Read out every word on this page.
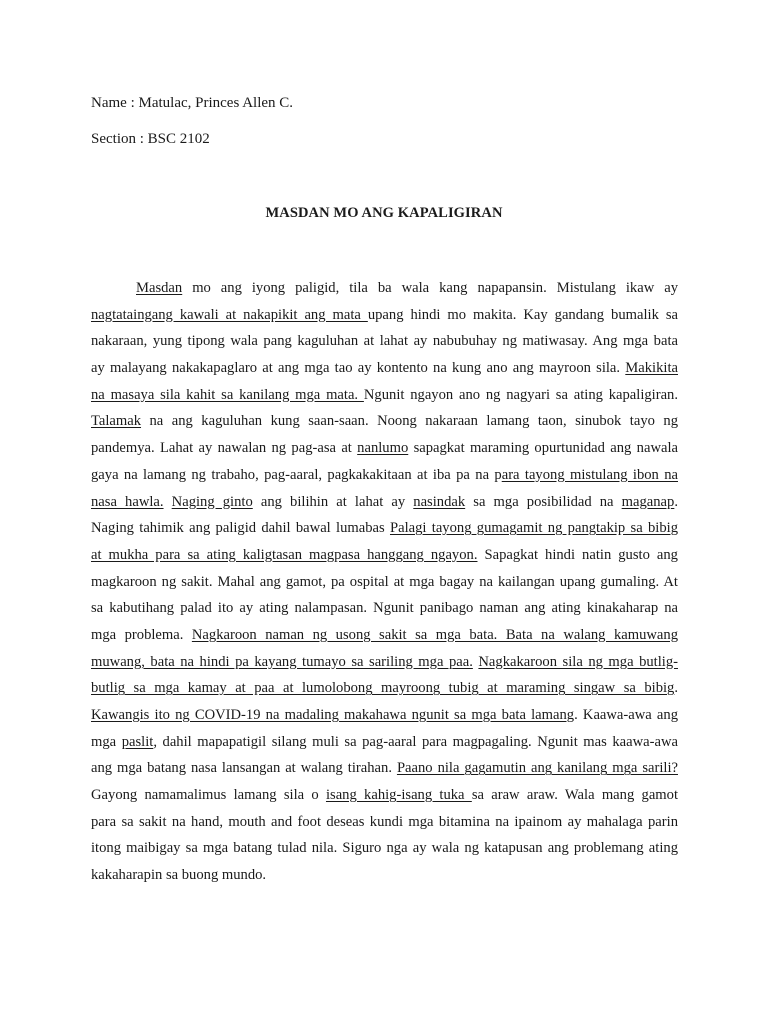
Name : Matulac, Princes Allen C.
Section : BSC 2102
MASDAN MO ANG KAPALIGIRAN
Masdan mo ang iyong paligid, tila ba wala kang napapansin. Mistulang ikaw ay
nagtataingang kawali at nakapikit ang mata upang hindi mo makita. Kay gandang bumalik sa
nakaraan, yung tipong wala pang kaguluhan at lahat ay nabubuhay ng matiwasay. Ang mga bata
ay malayang nakakapaglaro at ang mga tao ay kontento na kung ano ang mayroon sila. Makikita
na masaya sila kahit sa kanilang mga mata. Ngunit ngayon ano ng nagyari sa ating kapaligiran.
Talamak na ang kaguluhan kung saan-saan. Noong nakaraan lamang taon, sinubok tayo ng
pandemya. Lahat ay nawalan ng pag-asa at nanlumo sapagkat maraming opurtunidad ang nawala
gaya na lamang ng trabaho, pag-aaral, pagkakakitaan at iba pa na para tayong mistulang ibon na
nasa hawla. Naging ginto ang bilihin at lahat ay nasindak sa mga posibilidad na maganap.
Naging tahimik ang paligid dahil bawal lumabas Palagi tayong gumagamit ng pangtakip sa bibig
at mukha para sa ating kaligtasan magpasa hanggang ngayon. Sapagkat hindi natin gusto ang
magkaroon ng sakit. Mahal ang gamot, pa ospital at mga bagay na kailangan upang gumaling. At
sa kabutihang palad ito ay ating nalampasan. Ngunit panibago naman ang ating kinakaharap na
mga problema. Nagkaroon naman ng usong sakit sa mga bata. Bata na walang kamuwang
muwang, bata na hindi pa kayang tumayo sa sariling mga paa. Nagkakaroon sila ng mga butlig-
butlig sa mga kamay at paa at lumolobong mayroong tubig at maraming singaw sa bibig.
Kawangis ito ng COVID-19 na madaling makahawa ngunit sa mga bata lamang. Kaawa-awa ang
mga paslit, dahil mapapatigil silang muli sa pag-aaral para magpagaling. Ngunit mas kaawa-awa
ang mga batang nasa lansangan at walang tirahan. Paano nila gagamutin ang kanilang mga sarili?
Gayong namamalimus lamang sila o isang kahig-isang tuka sa araw araw. Wala mang gamot
para sa sakit na hand, mouth and foot deseas kundi mga bitamina na ipainom ay mahalaga parin
itong maibigay sa mga batang tulad nila. Siguro nga ay wala ng katapusan ang problemang ating
kakaharapin sa buong mundo.
